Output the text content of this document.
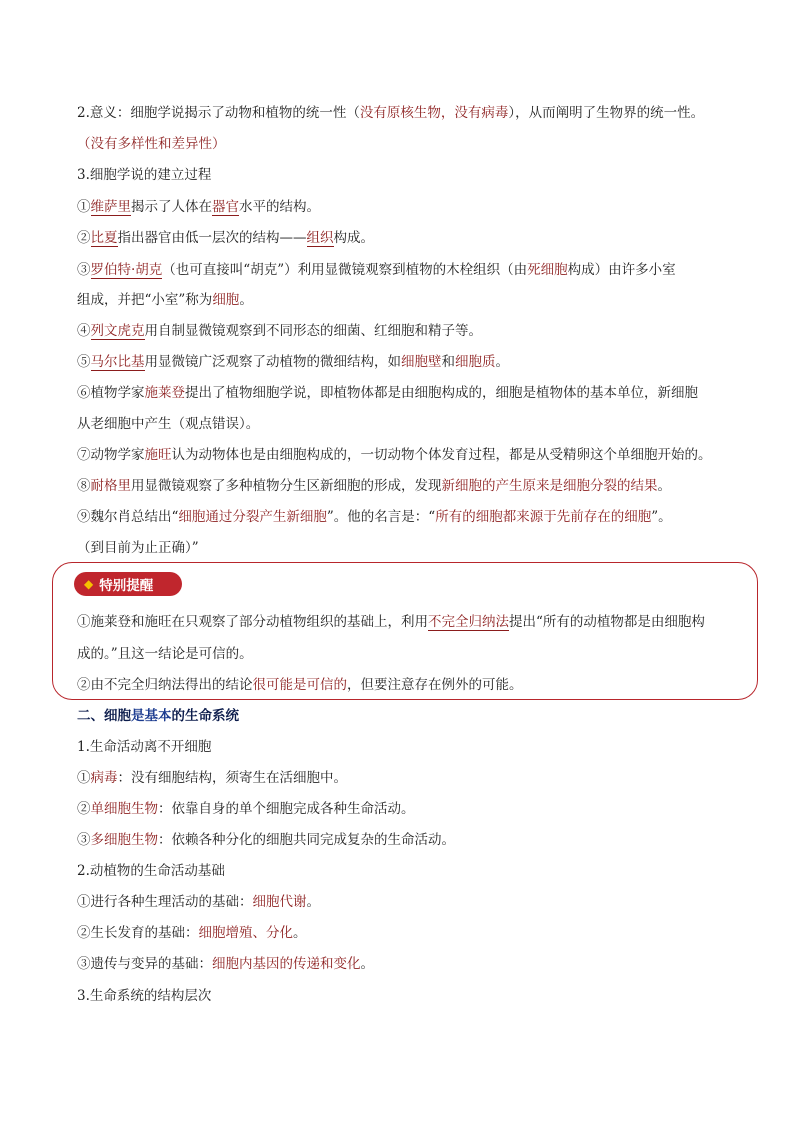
2.意义：细胞学说揭示了动物和植物的统一性（没有原核生物，没有病毒），从而阐明了生物界的统一性。
（没有多样性和差异性）
3.细胞学说的建立过程
①维萨里揭示了人体在器官水平的结构。
②比夏指出器官由低一层次的结构——组织构成。
③罗伯特·胡克（也可直接叫“胡克”）利用显微镜观察到植物的木栓组织（由死细胞构成）由许多小室
组成，并把“小室”称为细胞。
④列文虎克用自制显微镜观察到不同形态的细菌、红细胞和精子等。
⑤马尔比基用显微镜广泛观察了动植物的微细结构，如细胞壁和细胞质。
⑥植物学家施莱登提出了植物细胞学说，即植物体都是由细胞构成的，细胞是植物体的基本单位，新细胞
从老细胞中产生（观点错误）。
⑦动物学家施旺认为动物体也是由细胞构成的，一切动物个体发育过程，都是从受精卵这个单细胞开始的。
⑧耐格里用显微镜观察了多种植物分生区新细胞的形成，发现新细胞的产生原来是细胞分裂的结果。
⑨魏尔肖总结出“细胞通过分裂产生新细胞”。他的名言是：“所有的细胞都来源于先前存在的细胞”。
（到目前为止正确）”
◆ 特别提醒
①施莱登和施旺在只观察了部分动植物组织的基础上，利用不完全归纳法提出“所有的动植物都是由细胞构
成的。”且这一结论是可信的。
②由不完全归纳法得出的结论很可能是可信的，但要注意存在例外的可能。
二、细胞是基本的生命系统
1.生命活动离不开细胞
①病毒：没有细胞结构，须寄生在活细胞中。
②单细胞生物：依靠自身的单个细胞完成各种生命活动。
③多细胞生物：依赖各种分化的细胞共同完成复杂的生命活动。
2.动植物的生命活动基础
①进行各种生理活动的基础：细胞代谢。
②生长发育的基础：细胞增殖、分化。
③遗传与变异的基础：细胞内基因的传递和变化。
3.生命系统的结构层次
